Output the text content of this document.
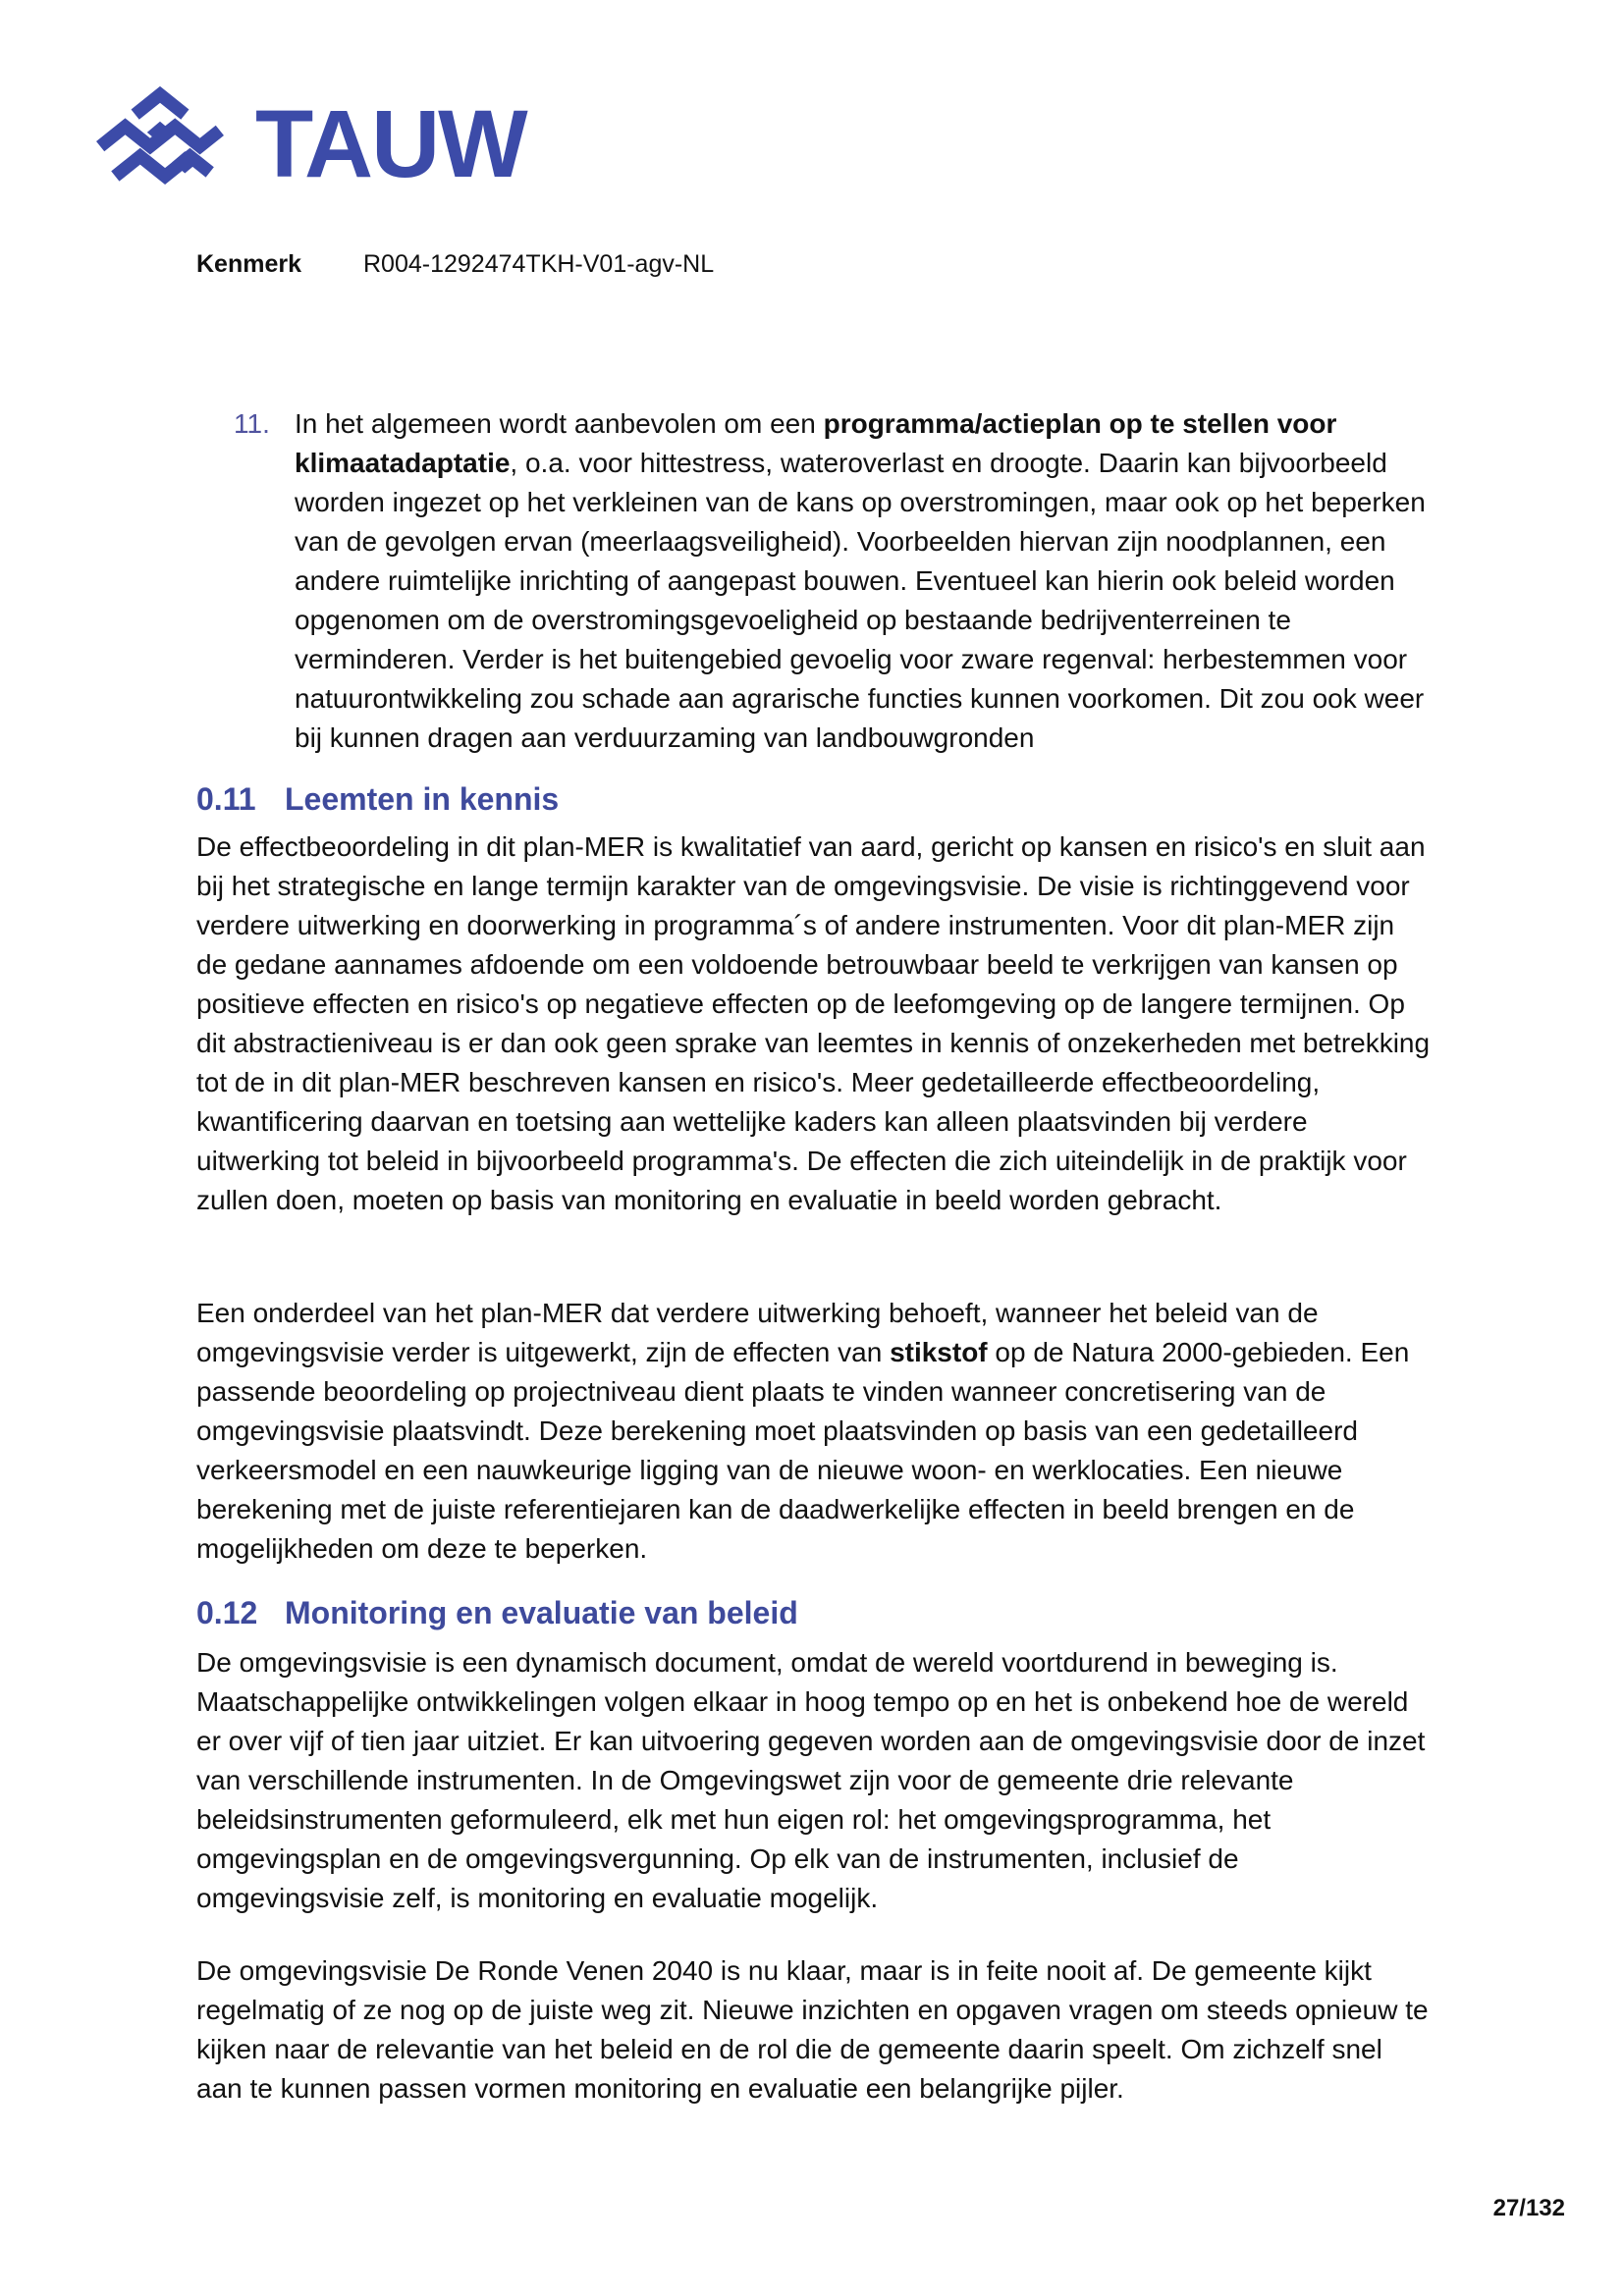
TAUW
Kenmerk	R004-1292474TKH-V01-agv-NL
11. In het algemeen wordt aanbevolen om een programma/actieplan op te stellen voor klimaatadaptatie, o.a. voor hittestress, wateroverlast en droogte. Daarin kan bijvoorbeeld worden ingezet op het verkleinen van de kans op overstromingen, maar ook op het beperken van de gevolgen ervan (meerlaagsveiligheid). Voorbeelden hiervan zijn noodplannen, een andere ruimtelijke inrichting of aangepast bouwen. Eventueel kan hierin ook beleid worden opgenomen om de overstromingsgevoeligheid op bestaande bedrijventerreinen te verminderen. Verder is het buitengebied gevoelig voor zware regenval: herbestemmen voor natuurontwikkeling zou schade aan agrarische functies kunnen voorkomen. Dit zou ook weer bij kunnen dragen aan verduurzaming van landbouwgronden
0.11 Leemten in kennis
De effectbeoordeling in dit plan-MER is kwalitatief van aard, gericht op kansen en risico's en sluit aan bij het strategische en lange termijn karakter van de omgevingsvisie. De visie is richtinggevend voor verdere uitwerking en doorwerking in programma´s of andere instrumenten. Voor dit plan-MER zijn de gedane aannames afdoende om een voldoende betrouwbaar beeld te verkrijgen van kansen op positieve effecten en risico's op negatieve effecten op de leefomgeving op de langere termijnen. Op dit abstractieniveau is er dan ook geen sprake van leemtes in kennis of onzekerheden met betrekking tot de in dit plan-MER beschreven kansen en risico's. Meer gedetailleerde effectbeoordeling, kwantificering daarvan en toetsing aan wettelijke kaders kan alleen plaatsvinden bij verdere uitwerking tot beleid in bijvoorbeeld programma's. De effecten die zich uiteindelijk in de praktijk voor zullen doen, moeten op basis van monitoring en evaluatie in beeld worden gebracht.
Een onderdeel van het plan-MER dat verdere uitwerking behoeft, wanneer het beleid van de omgevingsvisie verder is uitgewerkt, zijn de effecten van stikstof op de Natura 2000-gebieden. Een passende beoordeling op projectniveau dient plaats te vinden wanneer concretisering van de omgevingsvisie plaatsvindt. Deze berekening moet plaatsvinden op basis van een gedetailleerd verkeersmodel en een nauwkeurige ligging van de nieuwe woon- en werklocaties. Een nieuwe berekening met de juiste referentiejaren kan de daadwerkelijke effecten in beeld brengen en de mogelijkheden om deze te beperken.
0.12 Monitoring en evaluatie van beleid
De omgevingsvisie is een dynamisch document, omdat de wereld voortdurend in beweging is. Maatschappelijke ontwikkelingen volgen elkaar in hoog tempo op en het is onbekend hoe de wereld er over vijf of tien jaar uitziet. Er kan uitvoering gegeven worden aan de omgevingsvisie door de inzet van verschillende instrumenten. In de Omgevingswet zijn voor de gemeente drie relevante beleidsinstrumenten geformuleerd, elk met hun eigen rol: het omgevingsprogramma, het omgevingsplan en de omgevingsvergunning. Op elk van de instrumenten, inclusief de omgevingsvisie zelf, is monitoring en evaluatie mogelijk.
De omgevingsvisie De Ronde Venen 2040 is nu klaar, maar is in feite nooit af. De gemeente kijkt regelmatig of ze nog op de juiste weg zit. Nieuwe inzichten en opgaven vragen om steeds opnieuw te kijken naar de relevantie van het beleid en de rol die de gemeente daarin speelt. Om zichzelf snel aan te kunnen passen vormen monitoring en evaluatie een belangrijke pijler.
27/132
